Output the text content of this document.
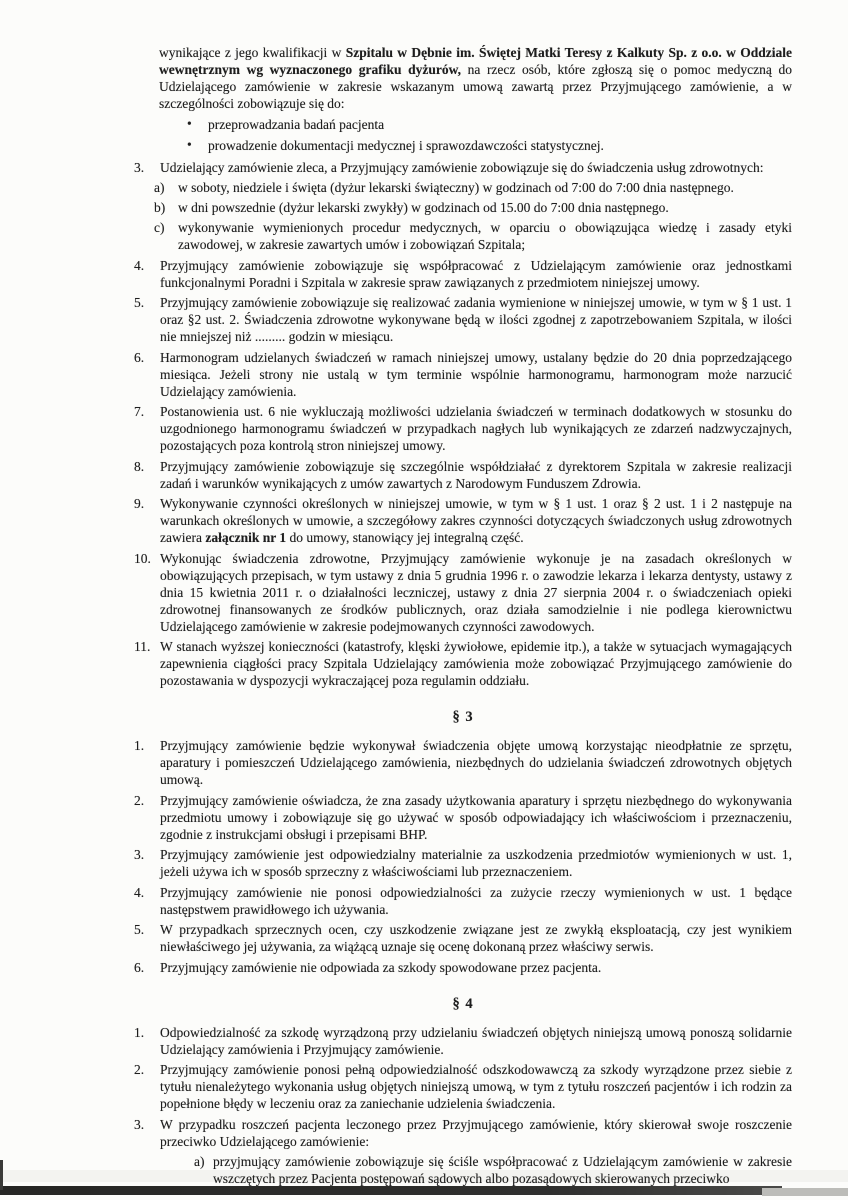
wynikające z jego kwalifikacji w Szpitalu w Dębnie im. Świętej Matki Teresy z Kalkuty Sp. z o.o. w Oddziale wewnętrznym wg wyznaczonego grafiku dyżurów, na rzecz osób, które zgłoszą się o pomoc medyczną do Udzielającego zamówienie w zakresie wskazanym umową zawartą przez Przyjmującego zamówienie, a w szczególności zobowiązuje się do:

• przeprowadzania badań pacjenta
• prowadzenie dokumentacji medycznej i sprawozdawczości statystycznej.
3. Udzielający zamówienie zleca, a Przyjmujący zamówienie zobowiązuje się do świadczenia usług zdrowotnych:
a) w soboty, niedziele i święta (dyżur lekarski świąteczny) w godzinach od 7:00 do 7:00 dnia następnego.
b) w dni powszednie (dyżur lekarski zwykły) w godzinach od 15.00 do 7:00 dnia następnego.
c) wykonywanie wymienionych procedur medycznych, w oparciu o obowiązująca wiedzę i zasady etyki zawodowej, w zakresie zawartych umów i zobowiązań Szpitala;
4. Przyjmujący zamówienie zobowiązuje się współpracować z Udzielającym zamówienie oraz jednostkami funkcjonalnymi Poradni i Szpitala w zakresie spraw zawiązanych z przedmiotem niniejszej umowy.
5. Przyjmujący zamówienie zobowiązuje się realizować zadania wymienione w niniejszej umowie, w tym w § 1 ust. 1 oraz §2 ust. 2. Świadczenia zdrowotne wykonywane będą w ilości zgodnej z zapotrzebowaniem Szpitala, w ilości nie mniejszej niż ......... godzin w miesiącu.
6. Harmonogram udzielanych świadczeń w ramach niniejszej umowy, ustalany będzie do 20 dnia poprzedzającego miesiąca. Jeżeli strony nie ustalą w tym terminie wspólnie harmonogramu, harmonogram może narzucić Udzielający zamówienia.
7. Postanowienia ust. 6 nie wykluczają możliwości udzielania świadczeń w terminach dodatkowych w stosunku do uzgodnionego harmonogramu świadczeń w przypadkach nagłych lub wynikających ze zdarzeń nadzwyczajnych, pozostających poza kontrolą stron niniejszej umowy.
8. Przyjmujący zamówienie zobowiązuje się szczególnie współdziałać z dyrektorem Szpitala w zakresie realizacji zadań i warunków wynikających z umów zawartych z Narodowym Funduszem Zdrowia.
9. Wykonywanie czynności określonych w niniejszej umowie, w tym w § 1 ust. 1 oraz § 2 ust. 1 i 2 następuje na warunkach określonych w umowie, a szczegółowy zakres czynności dotyczących świadczonych usług zdrowotnych zawiera załącznik nr 1 do umowy, stanowiący jej integralną część.
10. Wykonując świadczenia zdrowotne, Przyjmujący zamówienie wykonuje je na zasadach określonych w obowiązujących przepisach, w tym ustawy z dnia 5 grudnia 1996 r. o zawodzie lekarza i lekarza dentysty, ustawy z dnia 15 kwietnia 2011 r. o działalności leczniczej, ustawy z dnia 27 sierpnia 2004 r. o świadczeniach opieki zdrowotnej finansowanych ze środków publicznych, oraz działa samodzielnie i nie podlega kierownictwu Udzielającego zamówienie w zakresie podejmowanych czynności zawodowych.
11. W stanach wyższej konieczności (katastrofy, klęski żywiołowe, epidemie itp.), a także w sytuacjach wymagających zapewnienia ciągłości pracy Szpitala Udzielający zamówienia może zobowiązać Przyjmującego zamówienie do pozostawania w dyspozycji wykraczającej poza regulamin oddziału.
§ 3
1. Przyjmujący zamówienie będzie wykonywał świadczenia objęte umową korzystając nieodpłatnie ze sprzętu, aparatury i pomieszczeń Udzielającego zamówienia, niezbędnych do udzielania świadczeń zdrowotnych objętych umową.
2. Przyjmujący zamówienie oświadcza, że zna zasady użytkowania aparatury i sprzętu niezbędnego do wykonywania przedmiotu umowy i zobowiązuje się go używać w sposób odpowiadający ich właściwościom i przeznaczeniu, zgodnie z instrukcjami obsługi i przepisami BHP.
3. Przyjmujący zamówienie jest odpowiedzialny materialnie za uszkodzenia przedmiotów wymienionych w ust. 1, jeżeli używa ich w sposób sprzeczny z właściwościami lub przeznaczeniem.
4. Przyjmujący zamówienie nie ponosi odpowiedzialności za zużycie rzeczy wymienionych w ust. 1 będące następstwem prawidłowego ich używania.
5. W przypadkach sprzecznych ocen, czy uszkodzenie związane jest ze zwykłą eksploatacją, czy jest wynikiem niewłaściwego jej używania, za wiążącą uznaje się ocenę dokonaną przez właściwy serwis.
6. Przyjmujący zamówienie nie odpowiada za szkody spowodowane przez pacjenta.
§ 4
1. Odpowiedzialność za szkodę wyrządzoną przy udzielaniu świadczeń objętych niniejszą umową ponoszą solidarnie Udzielający zamówienia i Przyjmujący zamówienie.
2. Przyjmujący zamówienie ponosi pełną odpowiedzialność odszkodowawczą za szkody wyrządzone przez siebie z tytułu nienależytego wykonania usług objętych niniejszą umową, w tym z tytułu roszczeń pacjentów i ich rodzin za popełnione błędy w leczeniu oraz za zaniechanie udzielenia świadczenia.
3. W przypadku roszczeń pacjenta leczonego przez Przyjmującego zamówienie, który skierował swoje roszczenie przeciwko Udzielającego zamówienie:
a) przyjmujący zamówienie zobowiązuje się ściśle współpracować z Udzielającym zamówienie w zakresie wszczętych przez Pacjenta postępowań sądowych albo pozasądowych skierowanych przeciwko
